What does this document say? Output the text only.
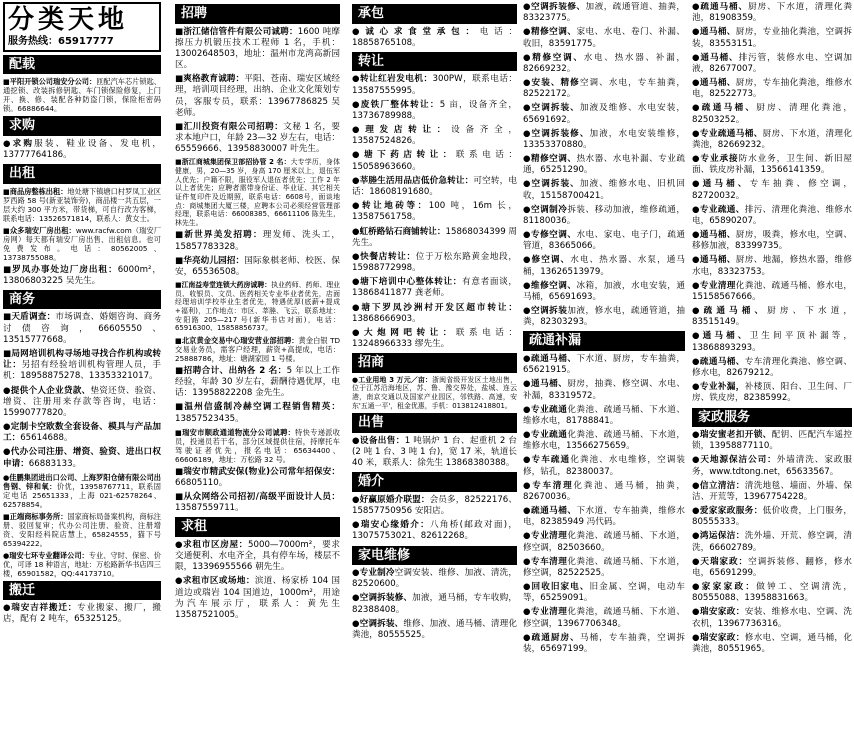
分类天地
服务热线：65917777
配载
■平阳开锁公司瑞安分公司：匝配汽车芯片锁匙、通挖锁、改装拆修钥匙、车门锁保险修复，上门开、换、修、装配各种防盗门锁，保险柜密码锁。66886644。
求购
●求购服装、鞋业设备、发电机，13777764186。
出租
■商品房整栋出租：地处塘下镇塘口村罗凤工业区罗西路 58 号(新亚装饰旁)，商品楼一共五层，一层大约 300 平方米，带货梯，可自行改为客梯，联系电话：13526571814，联系人：黄女士。
■众多瑞安厂房出租：www.racfw.com（瑞安厂房网）每天都有瑞安厂房出售、出租信息。也可免费发布。电话：80562005、13738755088。
■罗凤办事处边厂房出租：6000m²，13806803225 吴先生。
商务
■天盾调查：市场调查、婚姻咨询、商务讨债咨询，66605550、13515777668。
■局网培训机构寻场地寻找合作机构或转让：另招有经验培训机构管理人员，手机：18958875278、13353321017。
●提供个人企业贷款、垫资还贷、验资、增资、注册用来存款等咨询，电话：15990777820。
●定制卡空欧数全套设备、模具与产品加工：65614688。
●代办公司注册、增资、验资、进出口权申请：66883133。
●佳鹏集团进出口公司、上海罗阳仓储有限公司出售钢、锌和氧：价优，13958767711，联系固定电话 25651333，上海 021-62578264、62578854。
■正端商标事务所：国家商标局备案机构，商标注册、驳回复审；代办公司注册、验资、注册增资、安阳经科院店慧上，65824555，猫下号 65394222。
●瑞安七环专业翻译公司：专业、守时、保密、价优，可译 18 种语言，地址：万松路新华书店四三楼，65901582，QQ:44173710。
搬迁
●瑞安吉祥搬迁：专业搬家、搬厂，搬店，配有 2 吨车，65325125。
招聘
■浙江储信管件有限公司诚聘：1600 吨摩擦压力机锻压技术工程师 1 名，手机：13002648503，地址：温州市龙湾高新园区。
■爽格教育诚聘：平阳、苍南、瑞安区域经理，培训项目经理，出纳、企业文化策划专员，客服专员，联系：13967786825 吴老师。
■汇川投资有限公司招聘：文秘 1 名，要求本地户口，年龄 23—32 岁左右，电话：65559666、13958830007 叶先生。
■浙江商城集团保卫部招协管 2 名：大专学历，身体健康，男，20—35 岁，身高 170 厘米以上，退伍军人优先；户籍不限，服役军人退伍者优先；工作 2 年以上者优先；应聘者需带身份证、毕业证、其它相关证件复印件及近期照，联系电话：6608号，面谈地点：商城集团大厦三楼，应聘本公司必须经营管理部经理，联系电话：66008385、66611106 陈先生，林先生。
■新世界美发招聘：理发师、洗头工，15857783328。
■华亮幼儿园招：国际象棋老师、校医、保安，65536508。
■江南益寿堂连锁大药房诚聘：执业药师、药师、理业员、收银员、文员、医药相关专业毕业者优先，店面经理培训学校毕业生者优先，特遇优厚(底薪+提成+福利)，工作地点：市区、莘塍、飞云，联系地址：安阳路 205—217 号(新华书店对面)，电话：65916300、15858856737。
■北京黄金交易中心瑞安营业部招聘：黄金白银 TD 交易业务员，需客户经理，薪资+高提成，电话：25888786，地址：塘湖家园 1 号楼。
■招聘合计、出纳各 2 名：5 年以上工作经验，年龄 30 岁左右，薪酬待遇优厚，电话：13958822208 金先生。
■温州信盛制冷赫空调工程销售精英：13857523435。
■瑞安市顺政通道物流分公司诚聘：特快专递派收员，投递员若干名，部分区域提供住宿，持摩托车驾驶证者优先，报名电话：65634400、66606189，地址：万松路 32 号。
■瑞安市精武安保(物业)公司常年招保安：66805110。
■从众网络公司招初/高级平面设计人员：13587559711。
求租
●求租市区房屋：5000—7000m²，要求交通便利、水电齐全，具有停车场，楼层不限，13396955566 朝先生。
●求租市区或场地：滨道、杨家桥 104 国道边或瑞岩 104 国道边，1000m²，用途为汽车展示厅，联系人：黄先生 13587521005。
承包
●诚心求食堂承包：电话：18858765108。
转让
●转让红岩发电机：300PW，联系电话：13587555995。
●废铁厂整体转让：5 亩，设备齐全，13736789988。
●理发店转让：设备齐全，13587524826。
●塘下药店转让：联系电话：15058963660。
●莘塍生活用品店低价急转让：可空转，电话：18608191680。
●转让地砖等：100 吨，16m 长，13587561758。
●虹桥路钻石商铺转让：15868034399 周先生。
●快餐店转让：位于万松东路黄金地段，15988772998。
●塘下培训中心整体转让：有意者面谈，13868411877 龚老师。
●塘下罗凤沙洲村开发区超市转让：13868666903。
●大炮网吧转让：联系电话：13248966333 缪先生。
招商
●工业用地 3 万元／亩：浙闽省级开发区土地出售，位于江苏沿海地区，苏、鲁、豫交界处，盐城、连云港，南京交通以及国家产业园区，邻铁路、高速，安东'五通一平'，租金优惠，手机：013812418801。
出售
●设备出售：1 吨锅炉 1 台、起重机 2 台(2 吨 1 台、3 吨 1 台)，宽 17 米，轨道长 40 米，联系人：徐先生 13868380388。
婚介
●好赢原婚介联盟：会员多，82522176、15857750956 安阳店。
●瑞安心缘婚介：八角桥(邮政对面)，13075753021、82612268。
家电维修
●专业制冷空调安装、维修、加液、清洗，82520600。
●空调拆装修、加液，通马桶，专车收购，82388408。
●空调拆装、维修、加液、通马桶、清理化粪池，80555525。
●空调拆装修、加液，疏通管道、抽粪，83323775。
●精修空调、家电、水电、卷门、补漏、收旧，83591775。
●精修空调、水电、热水器、补漏，82669232。
●安装、精修空调、水电，专车抽粪，82522172。
●空调拆装、加液及维修、水电安装，65691692。
●空调拆装修、加液，水电安装维修，13353370880。
●精修空调、热水器、水电补漏、专业疏通，65251290。
●空调拆装、加液、维修水电、旧机回收，15158700421。
●空调制冷拆装、移动加液，维修疏通，81180036。
●专修空调、水电、家电、电子门，疏通管道，83665066。
●修空调、水电、热水器、水泵，通马桶，13626513979。
●维修空调、冰箱，加液，水电安装，通马桶，65691693。
●空调拆装加液，修水电，疏通管道，抽粪，82303293。
疏通补漏
●疏通马桶、下水道、厨房，专车抽粪，65621915。
●通马桶、厨房，抽粪、修空调、水电、补漏，83319572。
●专业疏通化粪池、疏通马桶、下水道、维修水电，81788841。
●专业疏通化粪池、疏通马桶、下水道，维修水电，13566275659。
●专车疏通化粪池、水电维修，空调装修，钻孔，82380037。
●专车清理化粪池、通马桶，抽粪，82670036。
●疏通马桶、下水道、专车抽粪，维修水电，82385949 冯代码。
●专业清理化粪池、疏通马桶、下水道，修空调，82503660。
●专车清理化粪池、疏通马桶、下水道，修空调，82522525。
●回收旧家电、旧金属、空调，电动车等，65259091。
●专业清理化粪池，疏通马桶、下水道、修空调，13967706348。
●疏通厨房、马桶，专车抽粪，空调拆装，65697199。
●疏通马桶、厨房、下水道，清理化粪池，81908359。
●通马桶、厨房，专业抽化粪池，空调拆装，83553151。
●通马桶、排污管，装修水电、空调加液，82677007。
●通马桶、厨房，专车抽化粪池，维修水电，82522773。
●疏通马桶、厨房、清理化粪池，82503252。
●专业疏通马桶、厨房、下水道，清理化粪池，82669232。
●专业承接防水业务，卫生间、新旧屋面、铁皮房补漏，13566141359。
●通马桶、专车抽粪、修空调，82720032。
●专业疏通、排污、清理化粪池、维修水电，65890207。
●通马桶、厨房，吸粪，修水电，空调、移修加液，83399735。
●通马桶、厨房、地漏，修热水器，维修水电，83323753。
●专业清理化粪池、疏通马桶、修水电，15158567666。
●疏通马桶、厨房、下水道，83515149。
●通马桶、卫生间平顶补漏等，13868893293。
●疏通马桶、专车清理化粪池、修空调、修水电，82679212。
●专业补漏，补楼顶、阳台、卫生间、厂房、铁皮房，82385992。
家政服务
●瑞安蜜老扣开锁、配钥、匹配汽车遥控锁，13958877110。
●天地源保洁公司：外墙清洗、家政服务，www.tdtong.net，65633567。
●信立清洁：清洗地毯、墙面、外墙、保洁、开荒等，13967754228。
●爱家家政服务：低价收费，上门服务，80555333。
●鸿运保洁：洗外墙、开荒、修空调，清洗，66602789。
●天瑞家政：空调拆装修、翻修，修水电，65691299。
●家家家政：做钟工、空调清洗，80555088、13958831663。
●瑞安家政：安装、维修水电、空调、洗衣机，13967736316。
●瑞安家政：修水电、空调，通马桶，化粪池，80551965。
